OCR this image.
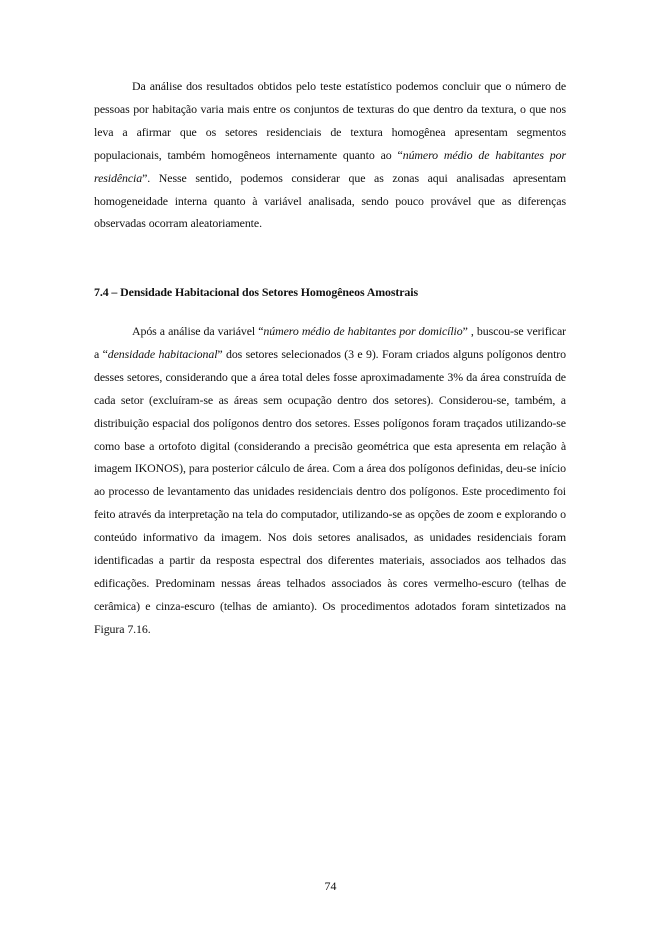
Da análise dos resultados obtidos pelo teste estatístico podemos concluir que o número de pessoas por habitação varia mais entre os conjuntos de texturas do que dentro da textura, o que nos leva a afirmar que os setores residenciais de textura homogênea apresentam segmentos populacionais, também homogêneos internamente quanto ao “número médio de habitantes por residência”. Nesse sentido, podemos considerar que as zonas aqui analisadas apresentam homogeneidade interna quanto à variável analisada, sendo pouco provável que as diferenças observadas ocorram aleatoriamente.

7.4 – Densidade Habitacional dos Setores Homogêneos Amostrais

Após a análise da variável “número médio de habitantes por domicílio” , buscou-se verificar a “densidade habitacional” dos setores selecionados (3 e 9). Foram criados alguns polígonos dentro desses setores, considerando que a área total deles fosse aproximadamente 3% da área construída de cada setor (excluíram-se as áreas sem ocupação dentro dos setores). Considerou-se, também, a distribuição espacial dos polígonos dentro dos setores. Esses polígonos foram traçados utilizando-se como base a ortofoto digital (considerando a precisão geométrica que esta apresenta em relação à imagem IKONOS), para posterior cálculo de área. Com a área dos polígonos definidas, deu-se início ao processo de levantamento das unidades residenciais dentro dos polígonos. Este procedimento foi feito através da interpretação na tela do computador, utilizando-se as opções de zoom e explorando o conteúdo informativo da imagem. Nos dois setores analisados, as unidades residenciais foram identificadas a partir da resposta espectral dos diferentes materiais, associados aos telhados das edificações. Predominam nessas áreas telhados associados às cores vermelho-escuro (telhas de cerâmica) e cinza-escuro (telhas de amianto). Os procedimentos adotados foram sintetizados na Figura 7.16.

74
